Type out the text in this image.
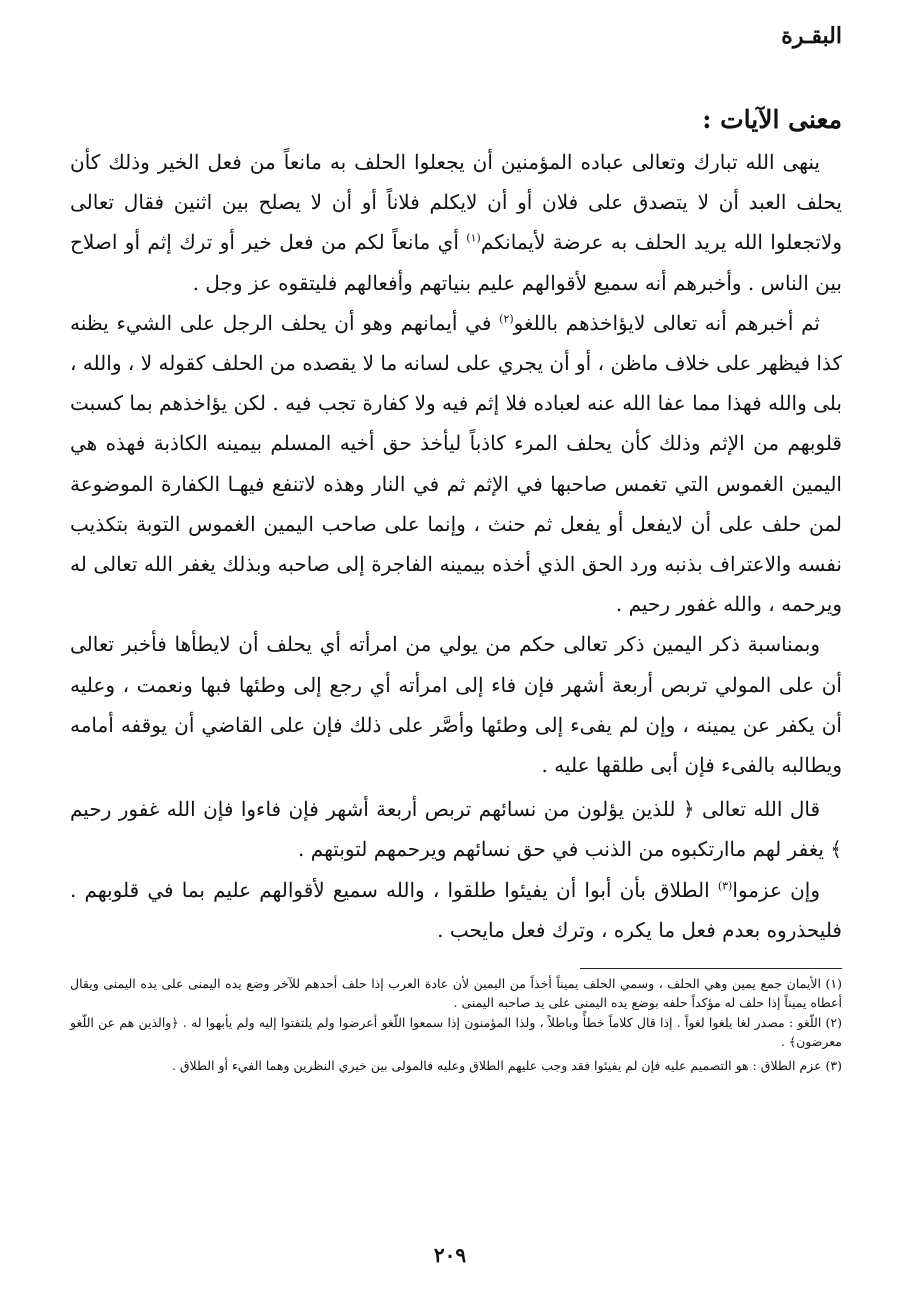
البقـرة
معنى الآيات :

ينهى الله تبارك وتعالى عباده المؤمنين أن يجعلوا الحلف به مانعاً من فعل الخير وذلك كأن يحلف العبد أن لا يتصدق على فلان أو أن لايكلم فلاناً أو أن لا يصلح بين اثنين فقال تعالى ولاتجعلوا الله يريد الحلف به عرضة لأيمانكم$^{(١)}$ أي مانعاً لكم من فعل خير أو ترك إثم أو اصلاح بين الناس . وأخبرهم أنه سميع لأقوالهم عليم بنياتهم وأفعالهم فليتقوه عز وجل .

ثم أخبرهم أنه تعالى لايؤاخذهم باللغو$^{(٢)}$ في أيمانهم وهو أن يحلف الرجل على الشيء يظنه كذا فيظهر على خلاف ماظن ، أو أن يجري على لسانه ما لا يقصده من الحلف كقوله لا ، والله ، بلى والله فهذا مما عفا الله عنه لعباده فلا إثم فيه ولا كفارة تجب فيه . لكن يؤاخذهم بما كسبت قلوبهم من الإثم وذلك كأن يحلف المرء كاذباً ليأخذ حق أخيه المسلم بيمينه الكاذبة فهذه هي اليمين الغموس التي تغمس صاحبها في الإثم ثم في النار وهذه لاتنفع فيهـا الكفارة الموضوعة لمن حلف على أن لايفعل أو يفعل ثم حنث ، وإنما على صاحب اليمين الغموس التوبة بتكذيب نفسه والاعتراف بذنبه ورد الحق الذي أخذه بيمينه الفاجرة إلى صاحبه وبذلك يغفر الله تعالى له ويرحمه ، والله غفور رحيم .

وبمناسبة ذكر اليمين ذكر تعالى حكم من يولي من امرأته أي يحلف أن لايطأها فأخبر تعالى أن على المولي تربص أربعة أشهر فإن فاء إلى امرأته أي رجع إلى وطئها فبها ونعمت ، وعليه أن يكفر عن يمينه ، وإن لم يفىء إلى وطئها وأصَّر على ذلك فإن على القاضي أن يوقفه أمامه ويطالبه بالفىء فإن أبى طلقها عليه .

قال الله تعالى ﴿ للذين يؤلون من نسائهم تربص أربعة أشهر فإن فاءوا فإن الله غفور رحيم ﴾ يغفر لهم ماارتكبوه من الذنب في حق نسائهم ويرحمهم لتوبتهم .

وإن عزموا$^{(٣)}$ الطلاق بأن أبوا أن يفيئوا طلقوا ، والله سميع لأقوالهم عليم بما في قلوبهم . فليحذروه بعدم فعل ما يكره ، وترك فعل مايحب .

(١) الأيمان جمع يمين وهي الحلف ، وسمي الحلف يميناً أخذاً من اليمين لأن عادة العرب إذا حلف أحدهم للآخر وضع يده اليمنى على يده اليمنى ويقال أعطاه يميناً إذا حلف له مؤكداً حلفه بوضع يده اليمنى على يد صاحبه اليمنى .

(٢) اللّغو : مصدر لغا يلغوا لغواً . إذا قال كلاماً خطأً وباطلاً ، ولذا المؤمنون إذا سمعوا اللّغو أعرضوا ولم يلتفتوا إليه ولم يأبهوا له . ﴿والذين هم عن اللّغو معرضون﴾ .

(٣) عزم الطلاق : هو التصميم عليه فإن لم يفيئوا فقد وجب عليهم الطلاق وعليه فالمولى بين خيري النظرين وهما الفيء أو الطلاق .

٢٠٩
